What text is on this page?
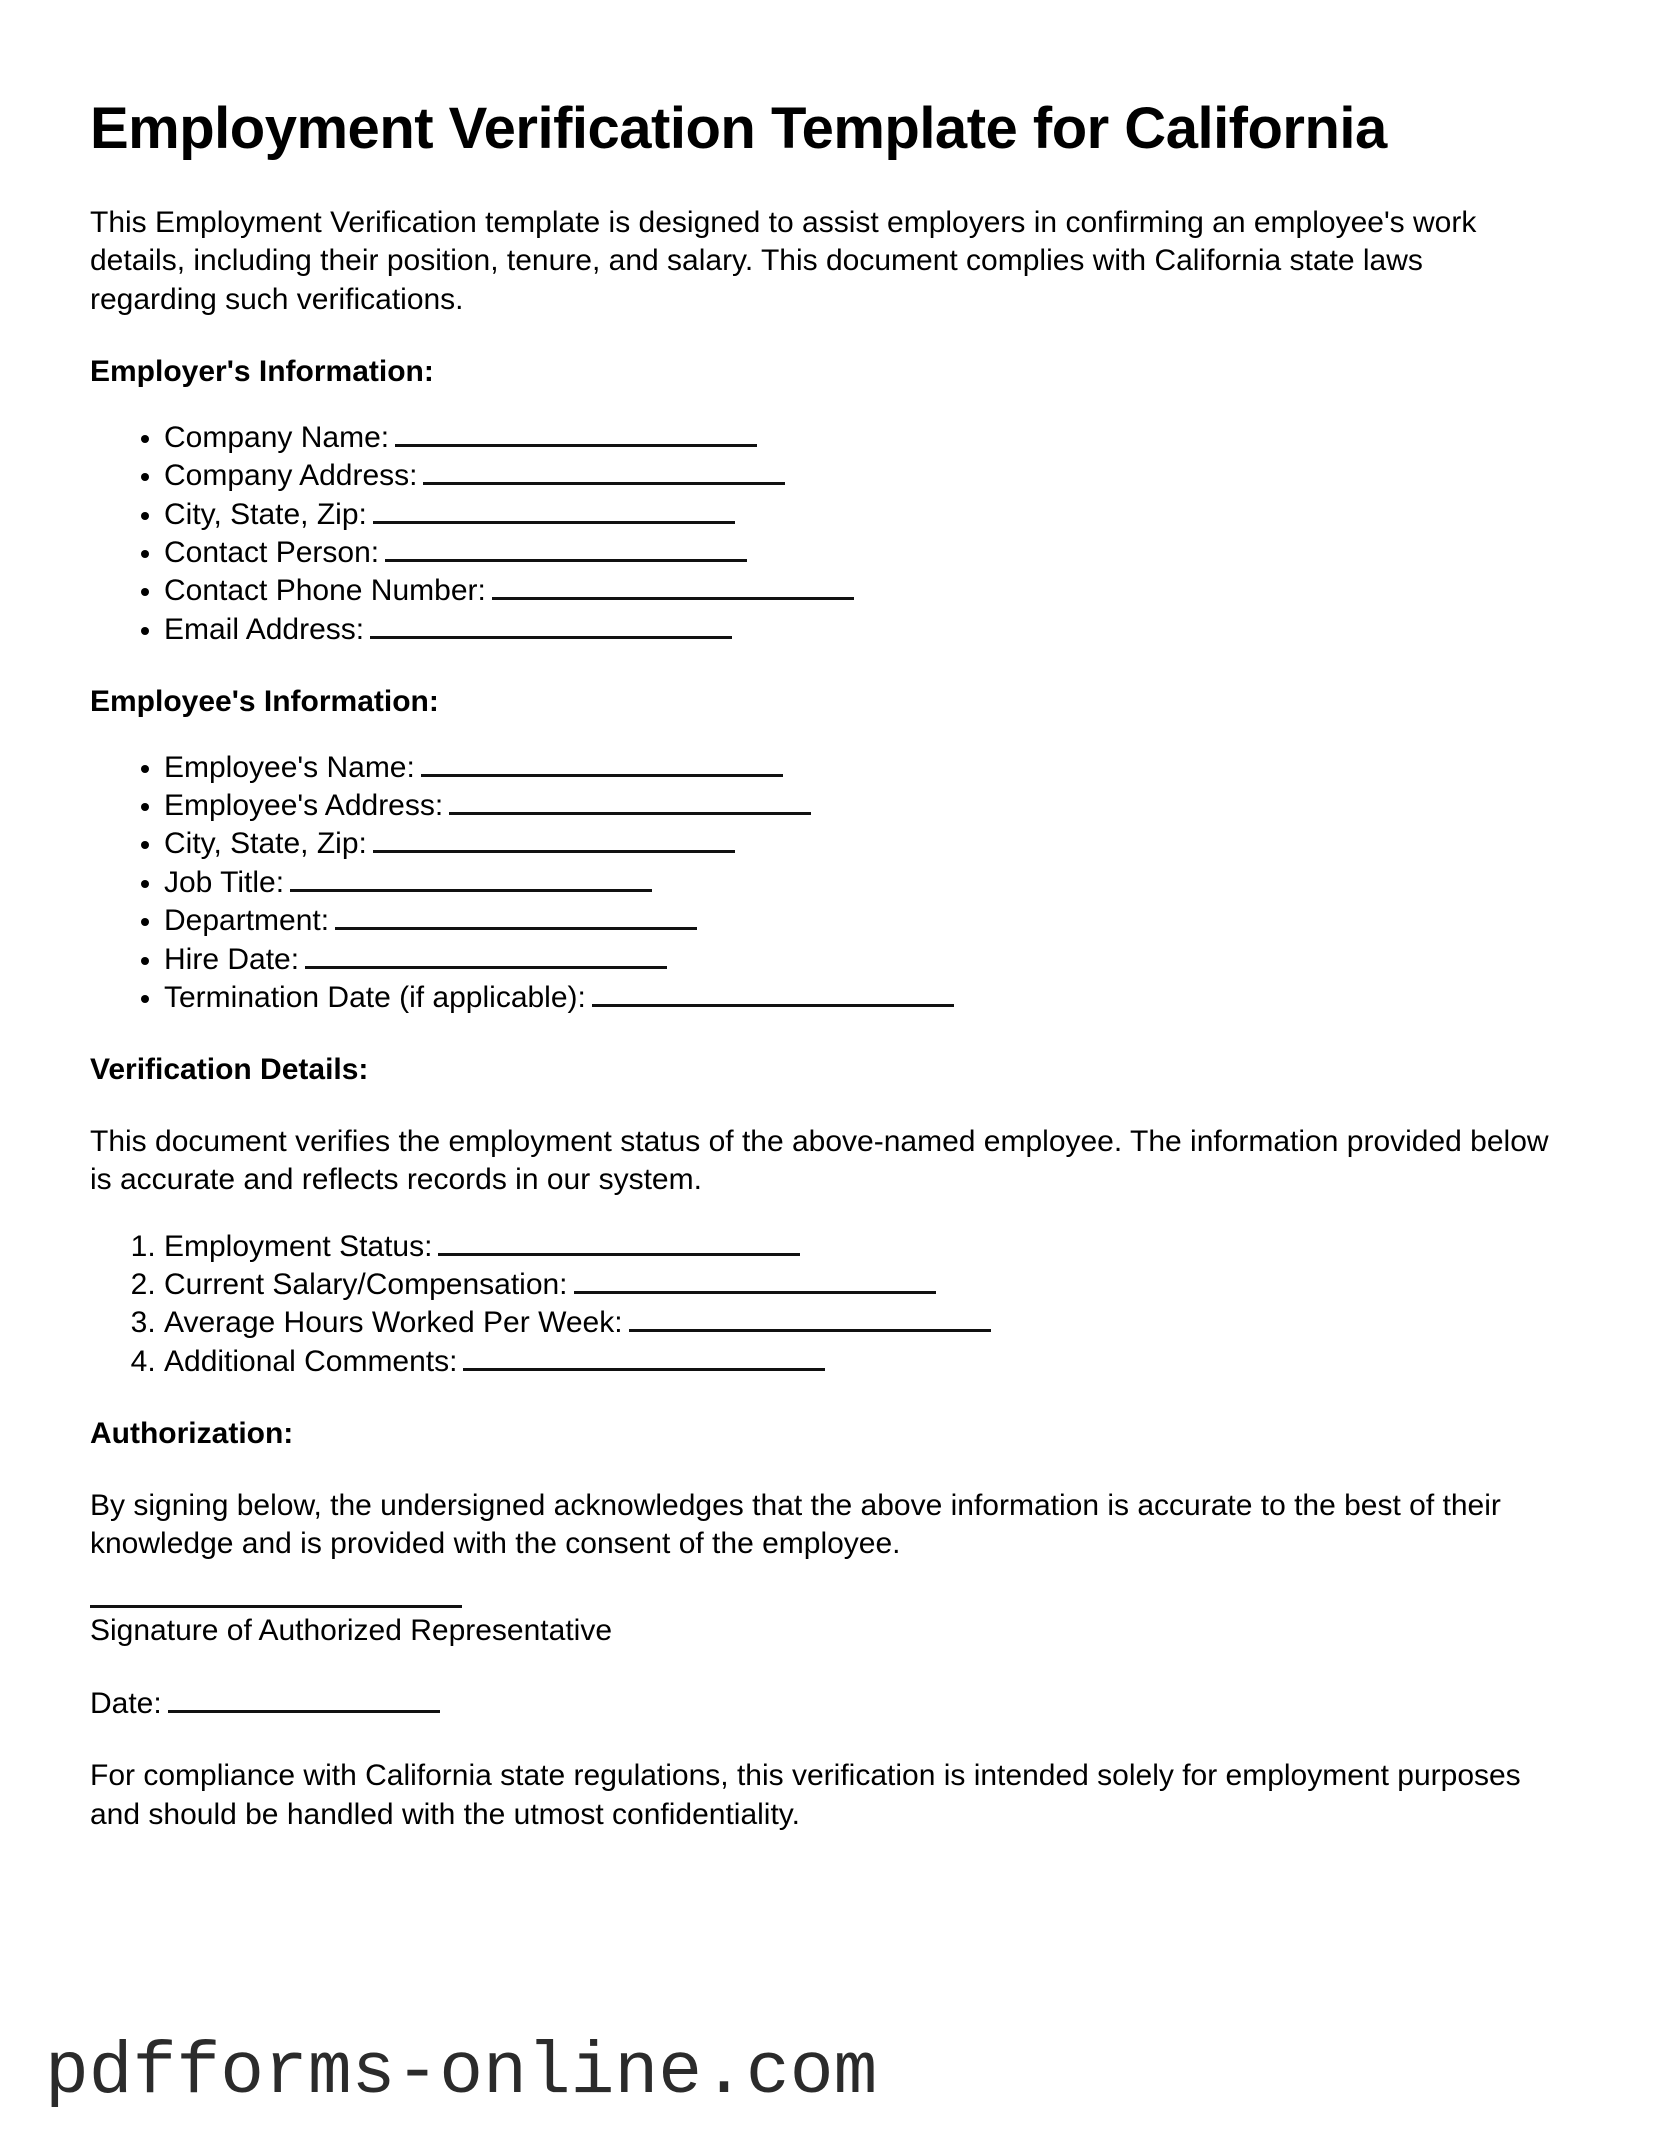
Employment Verification Template for California

This Employment Verification template is designed to assist employers in confirming an employee's work details, including their position, tenure, and salary. This document complies with California state laws regarding such verifications.

Employer's Information:
• Company Name:
• Company Address:
• City, State, Zip:
• Contact Person:
• Contact Phone Number:
• Email Address:
Employee's Information:
• Employee's Name:
• Employee's Address:
• City, State, Zip:
• Job Title:
• Department:
• Hire Date:
• Termination Date (if applicable):
Verification Details:

This document verifies the employment status of the above-named employee. The information provided below is accurate and reflects records in our system.

1. Employment Status:
2. Current Salary/Compensation:
3. Average Hours Worked Per Week:
4. Additional Comments:
Authorization:

By signing below, the undersigned acknowledges that the above information is accurate to the best of their knowledge and is provided with the consent of the employee.

Signature of Authorized Representative

Date:

For compliance with California state regulations, this verification is intended solely for employment purposes and should be handled with the utmost confidentiality.

pdfforms-online.com
